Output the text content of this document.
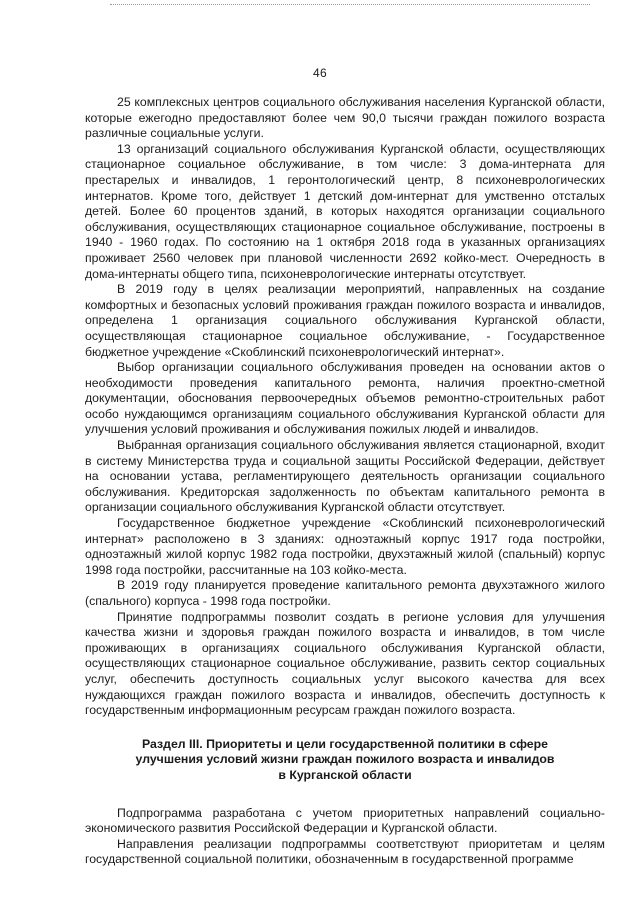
46

25 комплексных центров социального обслуживания населения Курганской области, которые ежегодно предоставляют более чем 90,0 тысячи граждан пожилого возраста различные социальные услуги.

13 организаций социального обслуживания Курганской области, осуществляющих стационарное социальное обслуживание, в том числе: 3 дома-интерната для престарелых и инвалидов, 1 геронтологический центр, 8 психоневрологических интернатов. Кроме того, действует 1 детский дом-интернат для умственно отсталых детей. Более 60 процентов зданий, в которых находятся организации социального обслуживания, осуществляющих стационарное социальное обслуживание, построены в 1940 - 1960 годах. По состоянию на 1 октября 2018 года в указанных организациях проживает 2560 человек при плановой численности 2692 койко-мест. Очередность в дома-интернаты общего типа, психоневрологические интернаты отсутствует.

В 2019 году в целях реализации мероприятий, направленных на создание комфортных и безопасных условий проживания граждан пожилого возраста и инвалидов, определена 1 организация социального обслуживания Курганской области, осуществляющая стационарное социальное обслуживание, - Государственное бюджетное учреждение «Скоблинский психоневрологический интернат».

Выбор организации социального обслуживания проведен на основании актов о необходимости проведения капитального ремонта, наличия проектно-сметной документации, обоснования первоочередных объемов ремонтно-строительных работ особо нуждающимся организациям социального обслуживания Курганской области для улучшения условий проживания и обслуживания пожилых людей и инвалидов.

Выбранная организация социального обслуживания является стационарной, входит в систему Министерства труда и социальной защиты Российской Федерации, действует на основании устава, регламентирующего деятельность организации социального обслуживания. Кредиторская задолженность по объектам капитального ремонта в организации социального обслуживания Курганской области отсутствует.

Государственное бюджетное учреждение «Скоблинский психоневрологический интернат» расположено в 3 зданиях: одноэтажный корпус 1917 года постройки, одноэтажный жилой корпус 1982 года постройки, двухэтажный жилой (спальный) корпус 1998 года постройки, рассчитанные на 103 койко-места.

В 2019 году планируется проведение капитального ремонта двухэтажного жилого (спального) корпуса - 1998 года постройки.

Принятие подпрограммы позволит создать в регионе условия для улучшения качества жизни и здоровья граждан пожилого возраста и инвалидов, в том числе проживающих в организациях социального обслуживания Курганской области, осуществляющих стационарное социальное обслуживание, развить сектор социальных услуг, обеспечить доступность социальных услуг высокого качества для всех нуждающихся граждан пожилого возраста и инвалидов, обеспечить доступность к государственным информационным ресурсам граждан пожилого возраста.

Раздел III. Приоритеты и цели государственной политики в сфере
улучшения условий жизни граждан пожилого возраста и инвалидов
в Курганской области

Подпрограмма разработана с учетом приоритетных направлений социально-экономического развития Российской Федерации и Курганской области.

Направления реализации подпрограммы соответствуют приоритетам и целям государственной социальной политики, обозначенным в государственной программе
